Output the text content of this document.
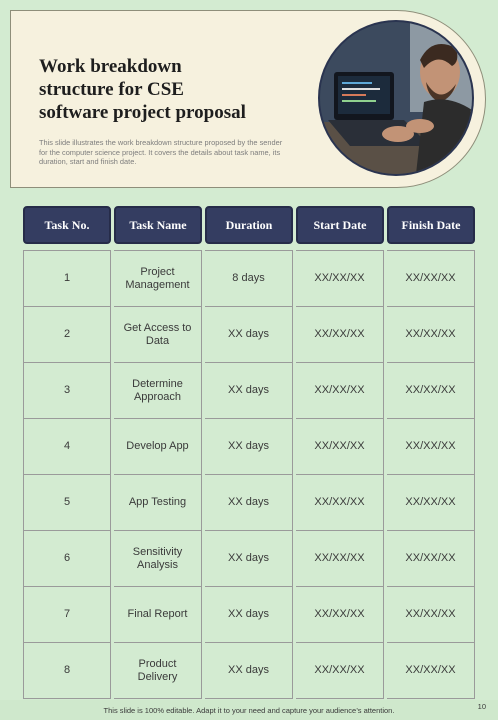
Work breakdown
structure for CSE
software project proposal

This slide illustrates the work breakdown structure proposed by the sender for the computer science project. It covers the details about task name, its duration, start and finish date.

Task No.	Task Name	Duration	Start Date	Finish Date

1	Project Management	8 days	XX/XX/XX	XX/XX/XX
2	Get Access to Data	XX days	XX/XX/XX	XX/XX/XX
3	Determine Approach	XX days	XX/XX/XX	XX/XX/XX
4	Develop App	XX days	XX/XX/XX	XX/XX/XX
5	App Testing	XX days	XX/XX/XX	XX/XX/XX
6	Sensitivity Analysis	XX days	XX/XX/XX	XX/XX/XX
7	Final Report	XX days	XX/XX/XX	XX/XX/XX
8	Product Delivery	XX days	XX/XX/XX	XX/XX/XX
This slide is 100% editable. Adapt it to your need and capture your audience’s attention.	10
